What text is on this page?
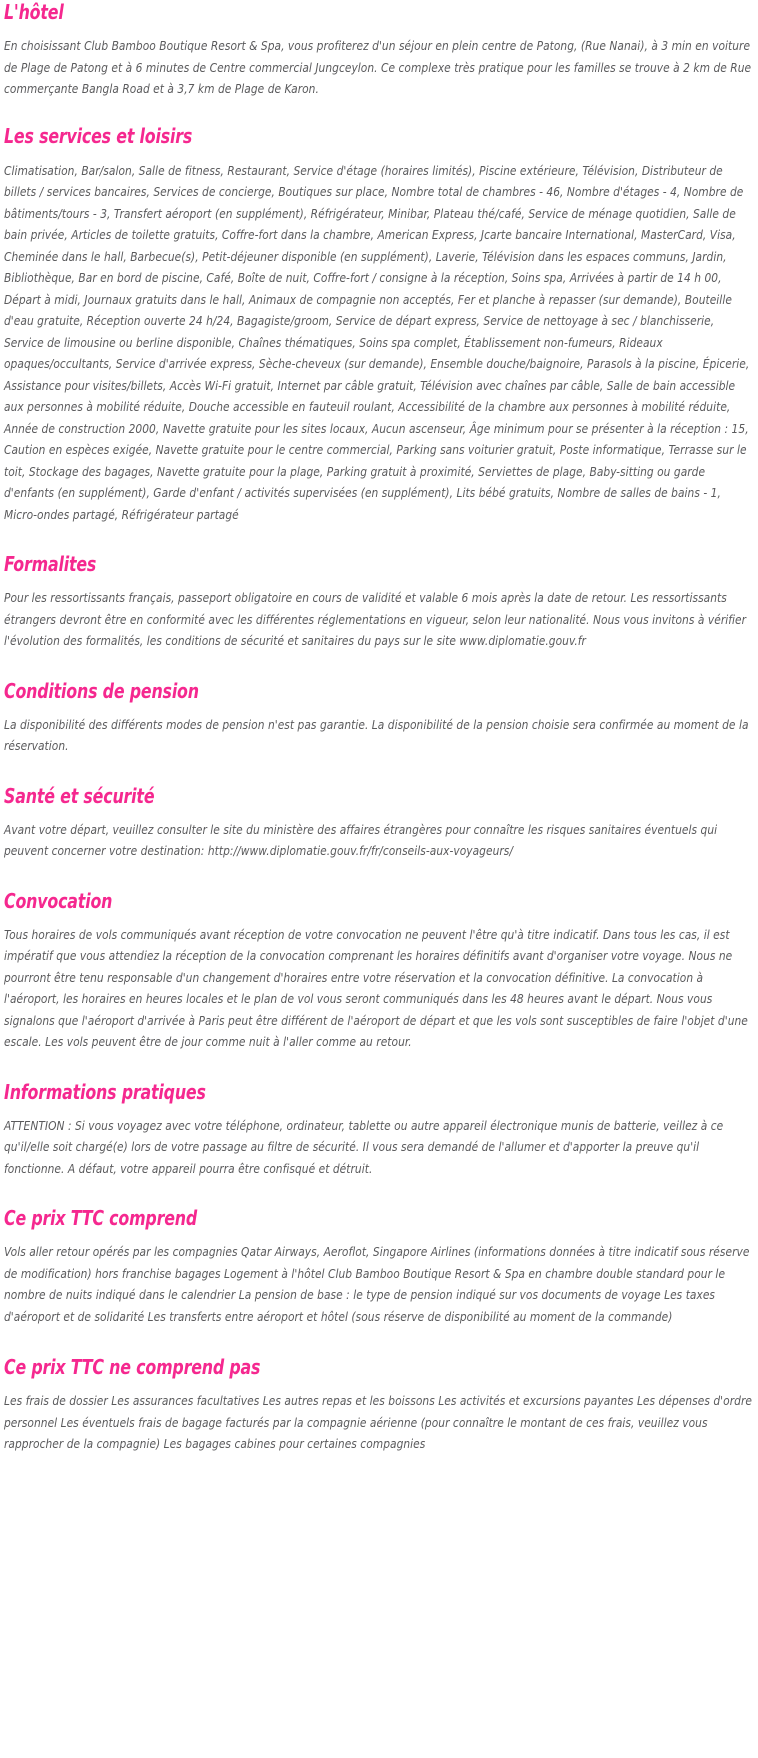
L'hôtel

En choisissant Club Bamboo Boutique Resort & Spa, vous profiterez d'un séjour en plein centre de Patong, (Rue Nanai), à 3 min en voiture de Plage de Patong et à 6 minutes de Centre commercial Jungceylon. Ce complexe très pratique pour les familles se trouve à 2 km de Rue commerçante Bangla Road et à 3,7 km de Plage de Karon.

Les services et loisirs

Climatisation, Bar/salon, Salle de fitness, Restaurant, Service d'étage (horaires limités), Piscine extérieure, Télévision, Distributeur de billets / services bancaires, Services de concierge, Boutiques sur place, Nombre total de chambres - 46, Nombre d'étages - 4, Nombre de bâtiments/tours - 3, Transfert aéroport (en supplément), Réfrigérateur, Minibar, Plateau thé/café, Service de ménage quotidien, Salle de bain privée, Articles de toilette gratuits, Coffre-fort dans la chambre, American Express, Jcarte bancaire International, MasterCard, Visa, Cheminée dans le hall, Barbecue(s), Petit-déjeuner disponible (en supplément), Laverie, Télévision dans les espaces communs, Jardin, Bibliothèque, Bar en bord de piscine, Café, Boîte de nuit, Coffre-fort / consigne à la réception, Soins spa, Arrivées à partir de 14 h 00, Départ à midi, Journaux gratuits dans le hall, Animaux de compagnie non acceptés, Fer et planche à repasser (sur demande), Bouteille d'eau gratuite, Réception ouverte 24 h/24, Bagagiste/groom, Service de départ express, Service de nettoyage à sec / blanchisserie, Service de limousine ou berline disponible, Chaînes thématiques, Soins spa complet, Établissement non-fumeurs, Rideaux opaques/occultants, Service d'arrivée express, Sèche-cheveux (sur demande), Ensemble douche/baignoire, Parasols à la piscine, Épicerie, Assistance pour visites/billets, Accès Wi-Fi gratuit, Internet par câble gratuit, Télévision avec chaînes par câble, Salle de bain accessible aux personnes à mobilité réduite, Douche accessible en fauteuil roulant, Accessibilité de la chambre aux personnes à mobilité réduite, Année de construction 2000, Navette gratuite pour les sites locaux, Aucun ascenseur, Âge minimum pour se présenter à la réception : 15, Caution en espèces exigée, Navette gratuite pour le centre commercial, Parking sans voiturier gratuit, Poste informatique, Terrasse sur le toit, Stockage des bagages, Navette gratuite pour la plage, Parking gratuit à proximité, Serviettes de plage, Baby-sitting ou garde d'enfants (en supplément), Garde d'enfant / activités supervisées (en supplément), Lits bébé gratuits, Nombre de salles de bains - 1, Micro-ondes partagé, Réfrigérateur partagé

Formalites

Pour les ressortissants français, passeport obligatoire en cours de validité et valable 6 mois après la date de retour. Les ressortissants étrangers devront être en conformité avec les différentes réglementations en vigueur, selon leur nationalité. Nous vous invitons à vérifier l'évolution des formalités, les conditions de sécurité et sanitaires du pays sur le site www.diplomatie.gouv.fr

Conditions de pension

La disponibilité des différents modes de pension n'est pas garantie. La disponibilité de la pension choisie sera confirmée au moment de la réservation.

Santé et sécurité

Avant votre départ, veuillez consulter le site du ministère des affaires étrangères pour connaître les risques sanitaires éventuels qui peuvent concerner votre destination: http://www.diplomatie.gouv.fr/fr/conseils-aux-voyageurs/

Convocation

Tous horaires de vols communiqués avant réception de votre convocation ne peuvent l'être qu'à titre indicatif. Dans tous les cas, il est impératif que vous attendiez la réception de la convocation comprenant les horaires définitifs avant d'organiser votre voyage. Nous ne pourront être tenu responsable d'un changement d'horaires entre votre réservation et la convocation définitive. La convocation à l'aéroport, les horaires en heures locales et le plan de vol vous seront communiqués dans les 48 heures avant le départ. Nous vous signalons que l'aéroport d'arrivée à Paris peut être différent de l'aéroport de départ et que les vols sont susceptibles de faire l'objet d'une escale. Les vols peuvent être de jour comme nuit à l'aller comme au retour.

Informations pratiques

ATTENTION : Si vous voyagez avec votre téléphone, ordinateur, tablette ou autre appareil électronique munis de batterie, veillez à ce qu'il/elle soit chargé(e) lors de votre passage au filtre de sécurité. Il vous sera demandé de l'allumer et d'apporter la preuve qu'il fonctionne. A défaut, votre appareil pourra être confisqué et détruit.

Ce prix TTC comprend

Vols aller retour opérés par les compagnies Qatar Airways, Aeroflot, Singapore Airlines (informations données à titre indicatif sous réserve de modification) hors franchise bagages Logement à l'hôtel Club Bamboo Boutique Resort & Spa en chambre double standard pour le nombre de nuits indiqué dans le calendrier La pension de base : le type de pension indiqué sur vos documents de voyage Les taxes d'aéroport et de solidarité Les transferts entre aéroport et hôtel (sous réserve de disponibilité au moment de la commande)

Ce prix TTC ne comprend pas

Les frais de dossier Les assurances facultatives Les autres repas et les boissons Les activités et excursions payantes Les dépenses d'ordre personnel Les éventuels frais de bagage facturés par la compagnie aérienne (pour connaître le montant de ces frais, veuillez vous rapprocher de la compagnie) Les bagages cabines pour certaines compagnies
